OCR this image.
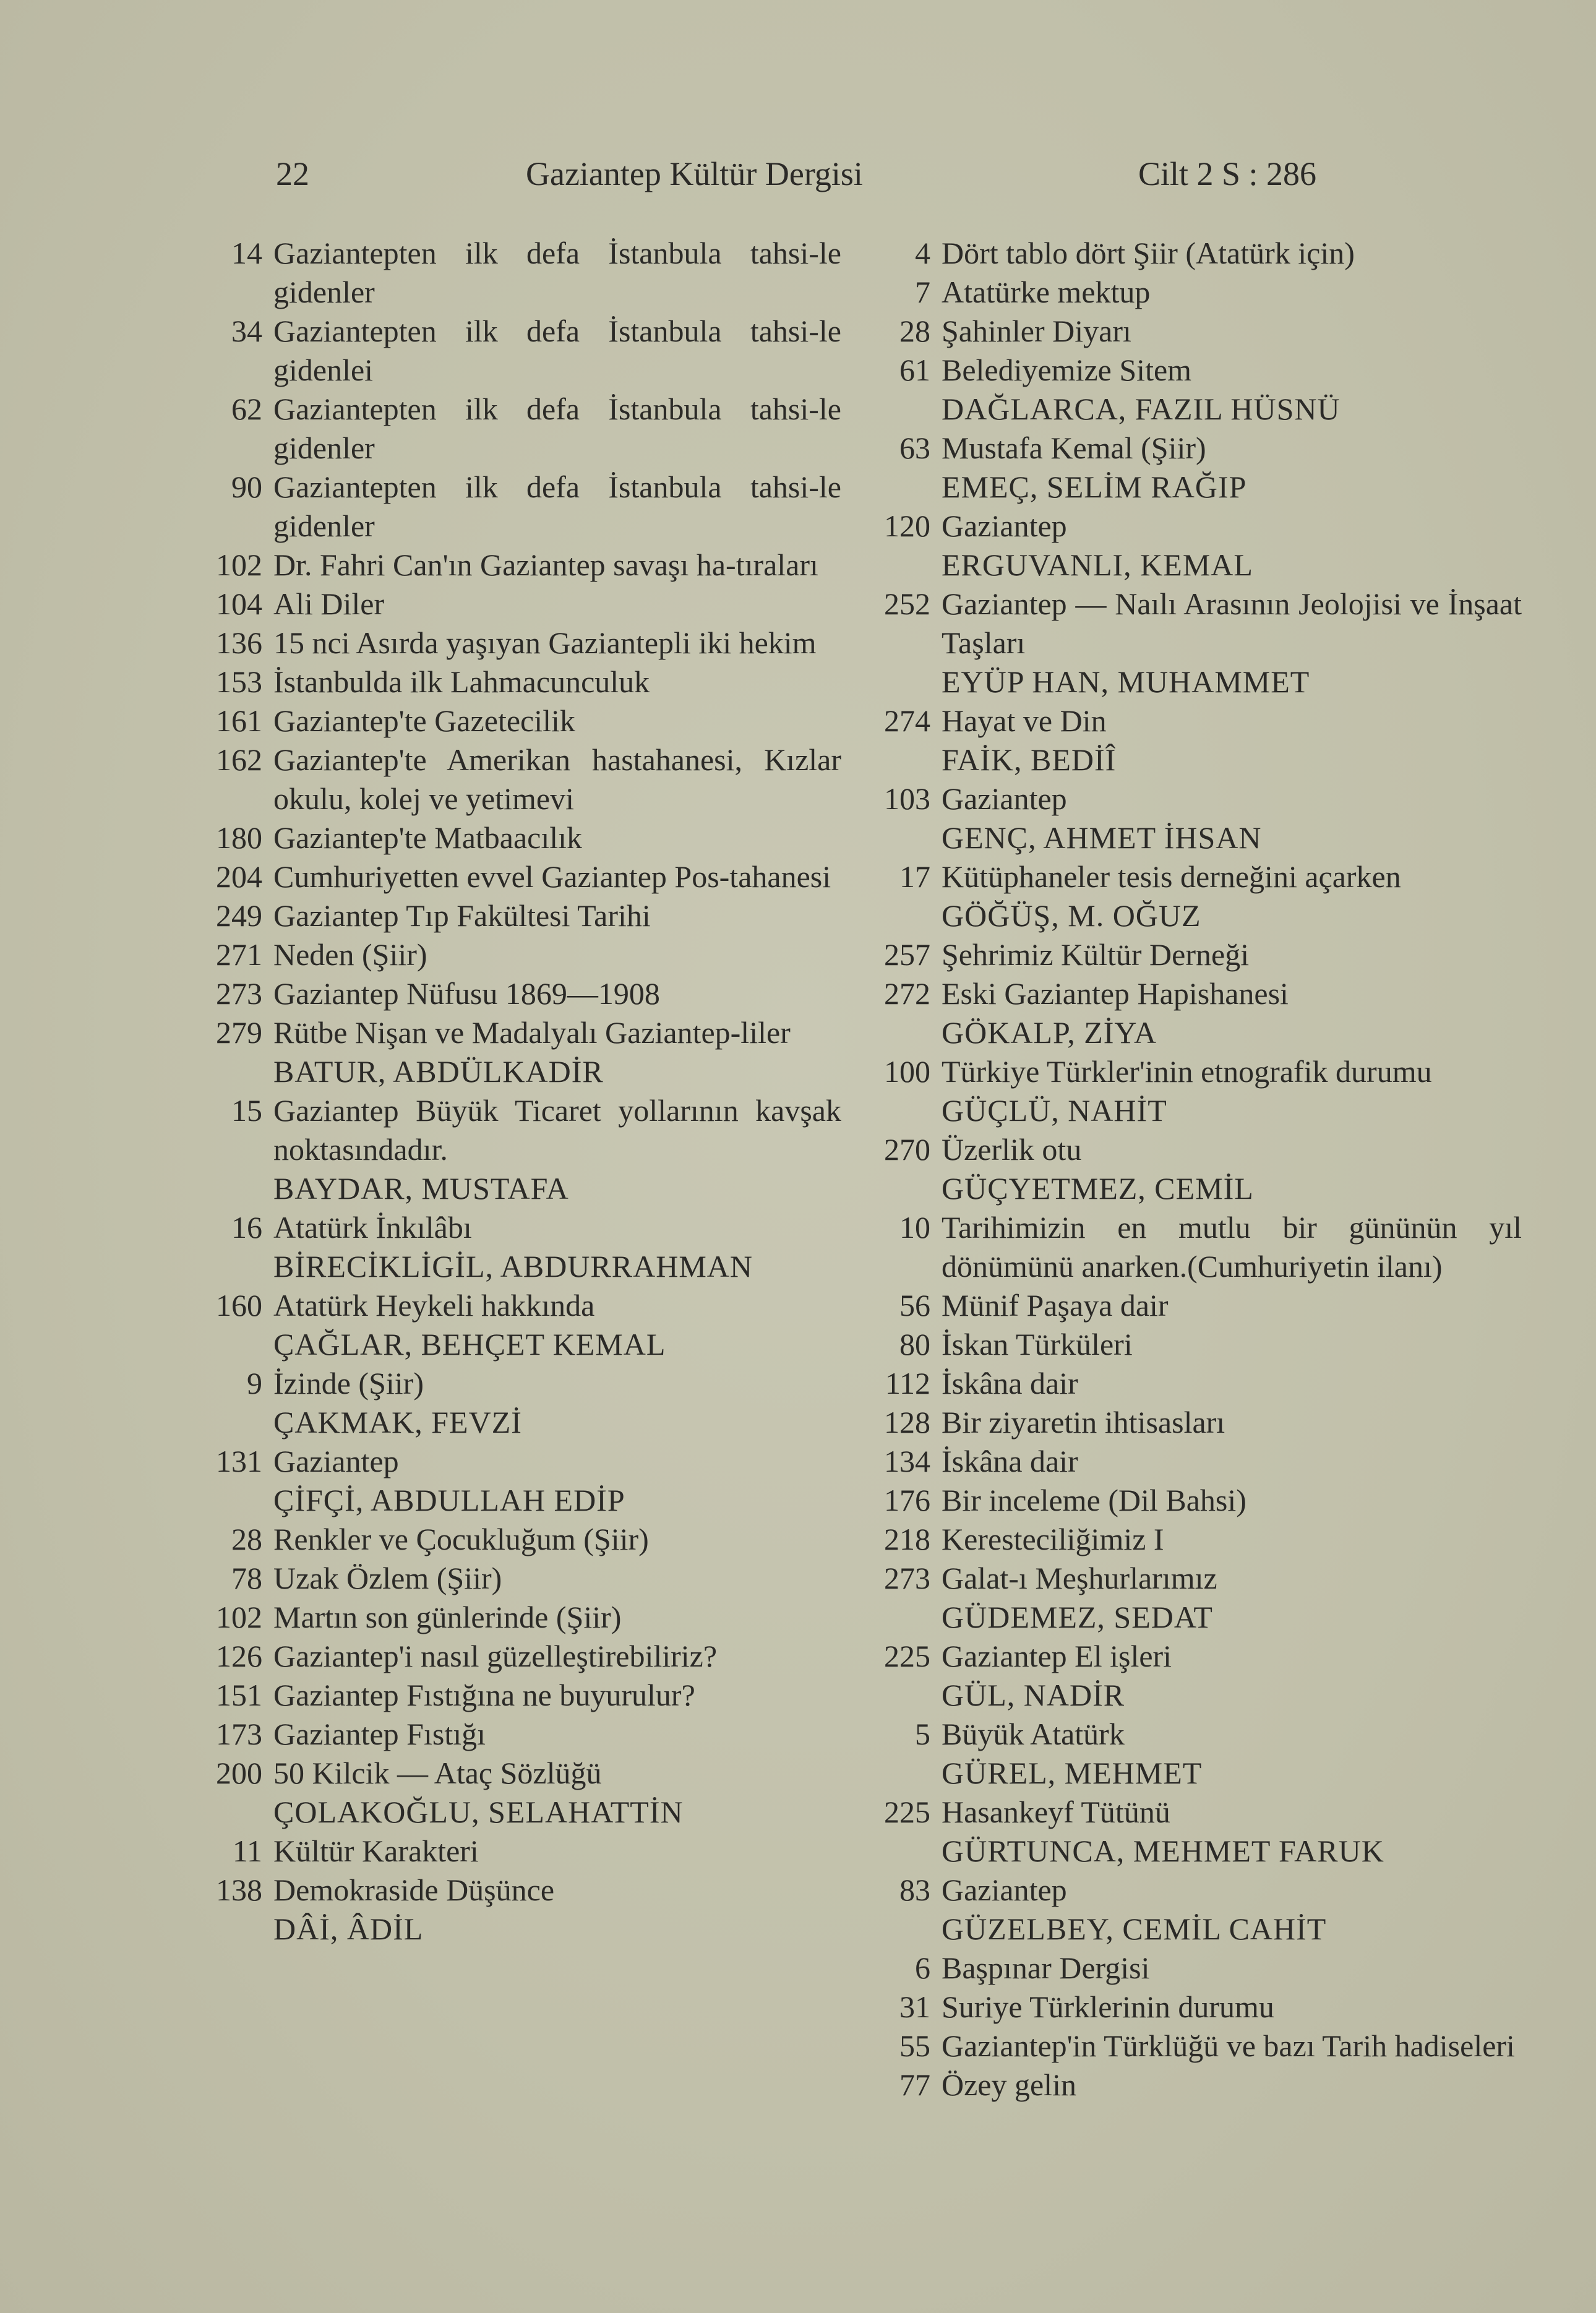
22	Gaziantep Kültür Dergisi	Cilt 2 S : 286
14 Gaziantepten ilk defa İstanbula tahsi-le gidenler
34 Gaziantepten ilk defa İstanbula tahsi-le gidenlei
62 Gaziantepten ilk defa İstanbula tahsi-le gidenler
90 Gaziantepten ilk defa İstanbula tahsi-le gidenler
102 Dr. Fahri Can'ın Gaziantep savaşı ha-tıraları
104 Ali Diler
136 15 nci Asırda yaşıyan Gaziantepli iki hekim
153 İstanbulda ilk Lahmacunculuk
161 Gaziantep'te Gazetecilik
162 Gaziantep'te Amerikan hastahanesi, Kızlar okulu, kolej ve yetimevi
180 Gaziantep'te Matbaacılık
204 Cumhuriyetten evvel Gaziantep Pos-tahanesi
249 Gaziantep Tıp Fakültesi Tarihi
271 Neden (Şiir)
273 Gaziantep Nüfusu 1869—1908
279 Rütbe Nişan ve Madalyalı Gaziantep-liler
BATUR, ABDÜLKADİR
15 Gaziantep Büyük Ticaret yollarının kavşak noktasındadır.
BAYDAR, MUSTAFA
16 Atatürk İnkılâbı
BİRECİKLİGİL, ABDURRAHMAN
160 Atatürk Heykeli hakkında
ÇAĞLAR, BEHÇET KEMAL
9 İzinde (Şiir)
ÇAKMAK, FEVZİ
131 Gaziantep
ÇİFÇİ, ABDULLAH EDİP
28 Renkler ve Çocukluğum (Şiir)
78 Uzak Özlem (Şiir)
102 Martın son günlerinde (Şiir)
126 Gaziantep'i nasıl güzelleştirebiliriz?
151 Gaziantep Fıstığına ne buyurulur?
173 Gaziantep Fıstığı
200 50 Kilcik — Ataç Sözlüğü
ÇOLAKOĞLU, SELAHATTİN
11 Kültür Karakteri
138 Demokraside Düşünce
DÂİ, ÂDİL
4 Dört tablo dört Şiir (Atatürk için)
7 Atatürke mektup
28 Şahinler Diyarı
61 Belediyemize Sitem
DAĞLARCA, FAZIL HÜSNÜ
63 Mustafa Kemal (Şiir)
EMEÇ, SELİM RAĞIP
120 Gaziantep
ERGUVANLI, KEMAL
252 Gaziantep — Naılı Arasının Jeolojisi ve İnşaat Taşları
EYÜP HAN, MUHAMMET
274 Hayat ve Din
FAİK, BEDİÎ
103 Gaziantep
GENÇ, AHMET İHSAN
17 Kütüphaneler tesis derneğini açarken
GÖĞÜŞ, M. OĞUZ
257 Şehrimiz Kültür Derneği
272 Eski Gaziantep Hapishanesi
GÖKALP, ZİYA
100 Türkiye Türkler'inin etnografik durumu
GÜÇLÜ, NAHİT
270 Üzerlik otu
GÜÇYETMEZ, CEMİL
10 Tarihimizin en mutlu bir gününün yıl dönümünü anarken.(Cumhuriyetin ilanı)
56 Münif Paşaya dair
80 İskan Türküleri
112 İskâna dair
128 Bir ziyaretin ihtisasları
134 İskâna dair
176 Bir inceleme (Dil Bahsi)
218 Keresteciliğimiz I
273 Galat-ı Meşhurlarımız
GÜDEMEZ, SEDAT
225 Gaziantep El işleri
GÜL, NADİR
5 Büyük Atatürk
GÜREL, MEHMET
225 Hasankeyf Tütünü
GÜRTUNCA, MEHMET FARUK
83 Gaziantep
GÜZELBEY, CEMİL CAHİT
6 Başpınar Dergisi
31 Suriye Türklerinin durumu
55 Gaziantep'in Türklüğü ve bazı Tarih hadiseleri
77 Özey gelin
